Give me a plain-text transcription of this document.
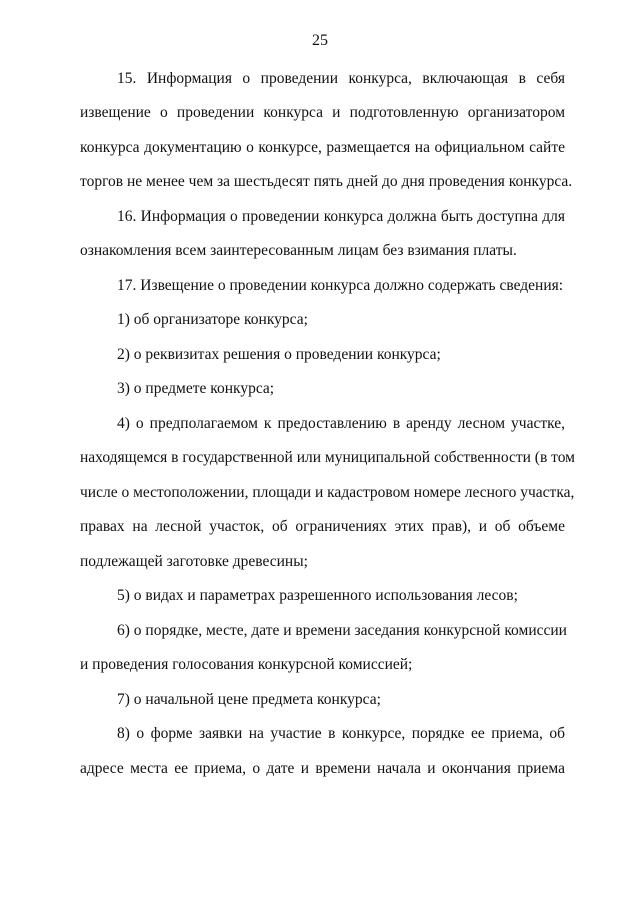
25
15. Информация о проведении конкурса, включающая в себя
извещение о проведении конкурса и подготовленную организатором
конкурса документацию о конкурсе, размещается на официальном сайте
торгов не менее чем за шестьдесят пять дней до дня проведения конкурса.
16. Информация о проведении конкурса должна быть доступна для
ознакомления всем заинтересованным лицам без взимания платы.
17. Извещение о проведении конкурса должно содержать сведения:
1) об организаторе конкурса;
2) о реквизитах решения о проведении конкурса;
3) о предмете конкурса;
4) о предполагаемом к предоставлению в аренду лесном участке,
находящемся в государственной или муниципальной собственности (в том
числе о местоположении, площади и кадастровом номере лесного участка,
правах на лесной участок, об ограничениях этих прав), и об объеме
подлежащей заготовке древесины;
5) о видах и параметрах разрешенного использования лесов;
6) о порядке, месте, дате и времени заседания конкурсной комиссии
и проведения голосования конкурсной комиссией;
7) о начальной цене предмета конкурса;
8) о форме заявки на участие в конкурсе, порядке ее приема, об
адресе места ее приема, о дате и времени начала и окончания приема
